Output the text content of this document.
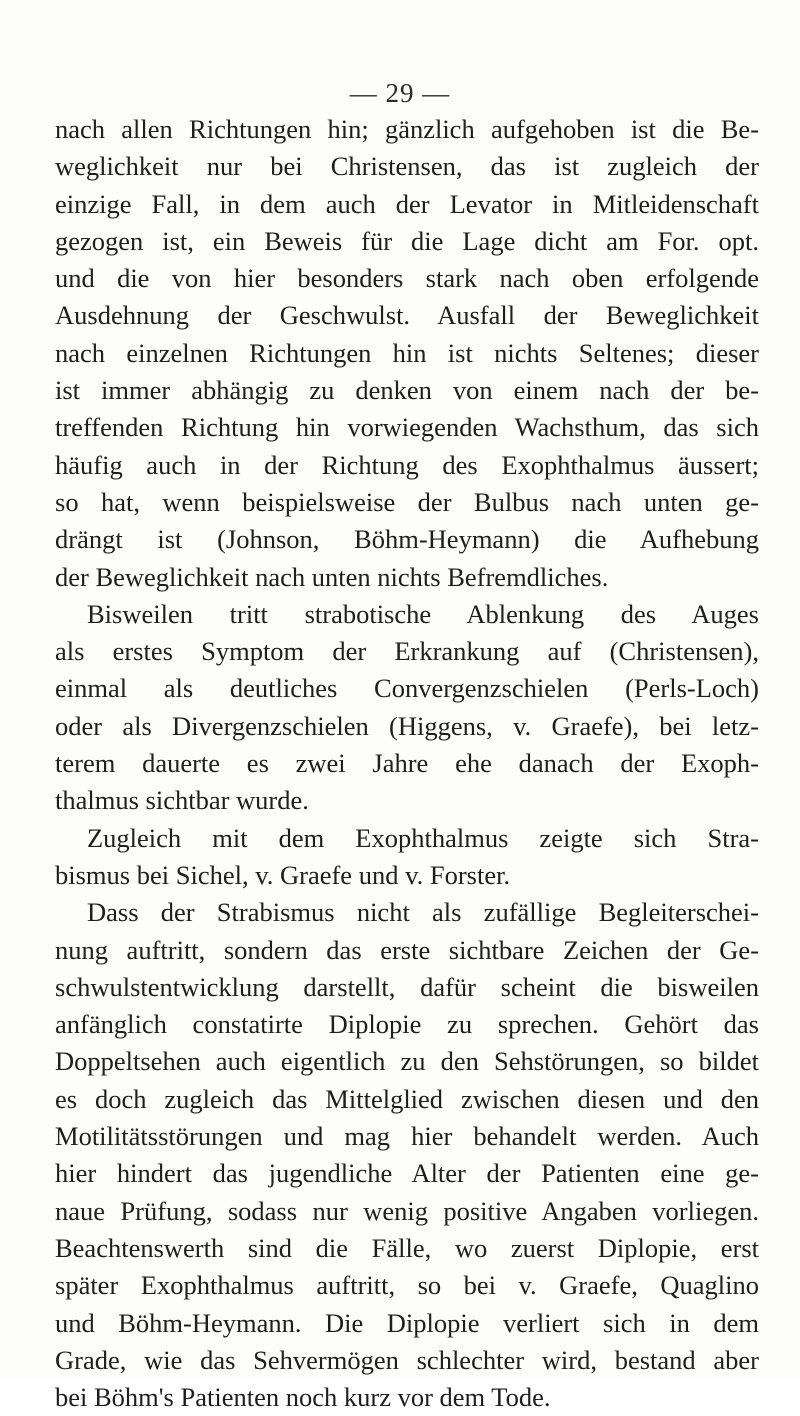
— 29 —
nach allen Richtungen hin; gänzlich aufgehoben ist die Be-
weglichkeit nur bei Christensen, das ist zugleich der
einzige Fall, in dem auch der Levator in Mitleidenschaft
gezogen ist, ein Beweis für die Lage dicht am For. opt.
und die von hier besonders stark nach oben erfolgende
Ausdehnung der Geschwulst. Ausfall der Beweglichkeit
nach einzelnen Richtungen hin ist nichts Seltenes; dieser
ist immer abhängig zu denken von einem nach der be-
treffenden Richtung hin vorwiegenden Wachsthum, das sich
häufig auch in der Richtung des Exophthalmus äussert;
so hat, wenn beispielsweise der Bulbus nach unten ge-
drängt ist (Johnson, Böhm-Heymann) die Aufhebung
der Beweglichkeit nach unten nichts Befremdliches.
Bisweilen tritt strabotische Ablenkung des Auges
als erstes Symptom der Erkrankung auf (Christensen),
einmal als deutliches Convergenzschielen (Perls-Loch)
oder als Divergenzschielen (Higgens, v. Graefe), bei letz-
terem dauerte es zwei Jahre ehe danach der Exoph-
thalmus sichtbar wurde.
Zugleich mit dem Exophthalmus zeigte sich Stra-
bismus bei Sichel, v. Graefe und v. Forster.
Dass der Strabismus nicht als zufällige Begleiterschei-
nung auftritt, sondern das erste sichtbare Zeichen der Ge-
schwulstentwicklung darstellt, dafür scheint die bisweilen
anfänglich constatirte Diplopie zu sprechen. Gehört das
Doppeltsehen auch eigentlich zu den Sehstörungen, so bildet
es doch zugleich das Mittelglied zwischen diesen und den
Motilitätsstörungen und mag hier behandelt werden. Auch
hier hindert das jugendliche Alter der Patienten eine ge-
naue Prüfung, sodass nur wenig positive Angaben vorliegen.
Beachtenswerth sind die Fälle, wo zuerst Diplopie, erst
später Exophthalmus auftritt, so bei v. Graefe, Quaglino
und Böhm-Heymann. Die Diplopie verliert sich in dem
Grade, wie das Sehvermögen schlechter wird, bestand aber
bei Böhm's Patienten noch kurz vor dem Tode.
